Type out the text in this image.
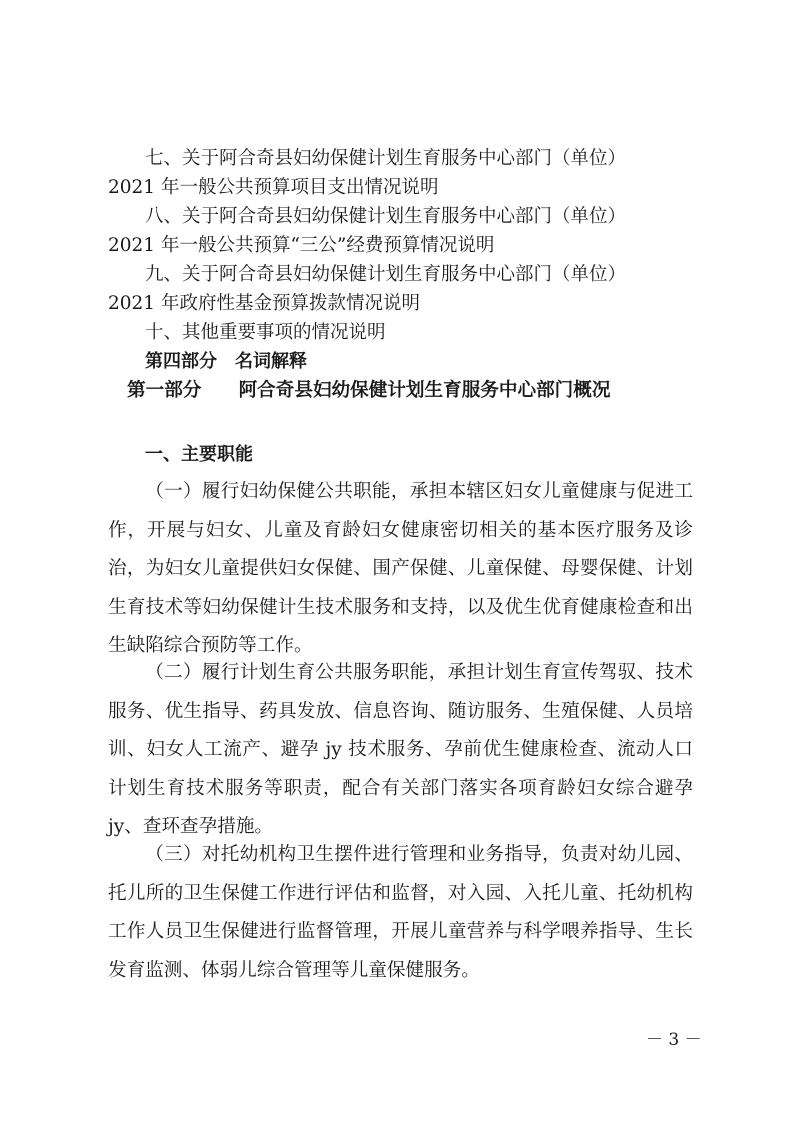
七、关于阿合奇县妇幼保健计划生育服务中心部门（单位）
2021 年一般公共预算项目支出情况说明
八、关于阿合奇县妇幼保健计划生育服务中心部门（单位）
2021 年一般公共预算“三公”经费预算情况说明
九、关于阿合奇县妇幼保健计划生育服务中心部门（单位）
2021 年政府性基金预算拨款情况说明
十、其他重要事项的情况说明
第四部分　名词解释
第一部分　　阿合奇县妇幼保健计划生育服务中心部门概况
一、主要职能

（一）履行妇幼保健公共职能，承担本辖区妇女儿童健康与促进工作，开展与妇女、儿童及育龄妇女健康密切相关的基本医疗服务及诊治，为妇女儿童提供妇女保健、围产保健、儿童保健、母婴保健、计划生育技术等妇幼保健计生技术服务和支持，以及优生优育健康检查和出生缺陷综合预防等工作。

（二）履行计划生育公共服务职能，承担计划生育宣传驾驭、技术服务、优生指导、药具发放、信息咨询、随访服务、生殖保健、人员培训、妇女人工流产、避孕 jy 技术服务、孕前优生健康检查、流动人口计划生育技术服务等职责，配合有关部门落实各项育龄妇女综合避孕 jy、查环查孕措施。

（三）对托幼机构卫生摆件进行管理和业务指导，负责对幼儿园、托儿所的卫生保健工作进行评估和监督，对入园、入托儿童、托幼机构工作人员卫生保健进行监督管理，开展儿童营养与科学喂养指导、生长发育监测、体弱儿综合管理等儿童保健服务。

－ 3 －
